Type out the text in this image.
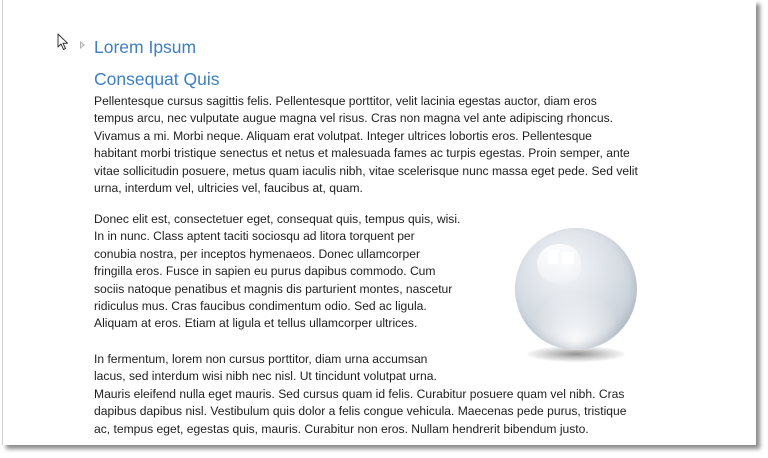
Lorem Ipsum
Consequat Quis

Pellentesque cursus sagittis felis. Pellentesque porttitor, velit lacinia egestas auctor, diam eros
tempus arcu, nec vulputate augue magna vel risus. Cras non magna vel ante adipiscing rhoncus.
Vivamus a mi. Morbi neque. Aliquam erat volutpat. Integer ultrices lobortis eros. Pellentesque
habitant morbi tristique senectus et netus et malesuada fames ac turpis egestas. Proin semper, ante
vitae sollicitudin posuere, metus quam iaculis nibh, vitae scelerisque nunc massa eget pede. Sed velit
urna, interdum vel, ultricies vel, faucibus at, quam.

Donec elit est, consectetuer eget, consequat quis, tempus quis, wisi.
In in nunc. Class aptent taciti sociosqu ad litora torquent per
conubia nostra, per inceptos hymenaeos. Donec ullamcorper
fringilla eros. Fusce in sapien eu purus dapibus commodo. Cum
sociis natoque penatibus et magnis dis parturient montes, nascetur
ridiculus mus. Cras faucibus condimentum odio. Sed ac ligula.
Aliquam at eros. Etiam at ligula et tellus ullamcorper ultrices.

In fermentum, lorem non cursus porttitor, diam urna accumsan
lacus, sed interdum wisi nibh nec nisl. Ut tincidunt volutpat urna.
Mauris eleifend nulla eget mauris. Sed cursus quam id felis. Curabitur posuere quam vel nibh. Cras
dapibus dapibus nisl. Vestibulum quis dolor a felis congue vehicula. Maecenas pede purus, tristique
ac, tempus eget, egestas quis, mauris. Curabitur non eros. Nullam hendrerit bibendum justo.
